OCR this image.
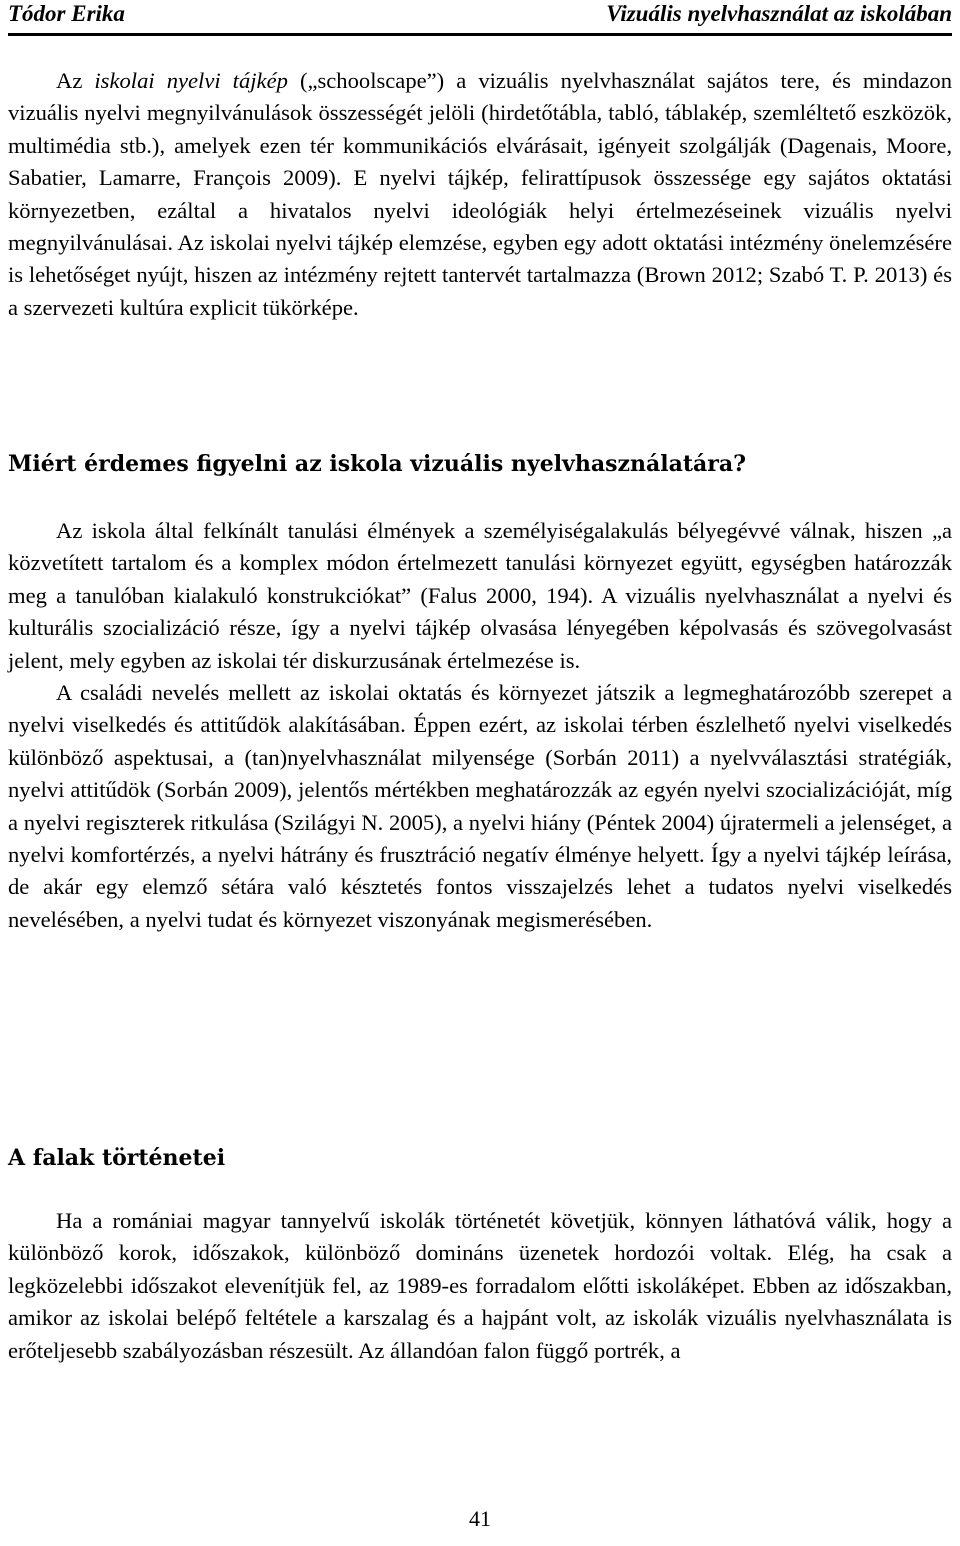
Tódor Erika	Vizuális nyelvhasználat az iskolában

Az iskolai nyelvi tájkép („schoolscape”) a vizuális nyelvhasználat sajátos tere, és mindazon vizuális nyelvi megnyilvánulások összességét jelöli (hirdetőtábla, tabló, táblakép, szemléltető eszközök, multimédia stb.), amelyek ezen tér kommunikációs elvárásait, igényeit szolgálják (Dagenais, Moore, Sabatier, Lamarre, François 2009). E nyelvi tájkép, felirattípusok összessége egy sajátos oktatási környezetben, ezáltal a hivatalos nyelvi ideológiák helyi értelmezéseinek vizuális nyelvi megnyilvánulásai. Az iskolai nyelvi tájkép elemzése, egyben egy adott oktatási intézmény önelemzésére is lehetőséget nyújt, hiszen az intézmény rejtett tantervét tartalmazza (Brown 2012; Szabó T. P. 2013) és a szervezeti kultúra explicit tükörképe.

Miért érdemes figyelni az iskola vizuális nyelvhasználatára?

Az iskola által felkínált tanulási élmények a személyiségalakulás bélyegévvé válnak, hiszen „a közvetített tartalom és a komplex módon értelmezett tanulási környezet együtt, egységben határozzák meg a tanulóban kialakuló konstrukciókat” (Falus 2000, 194). A vizuális nyelvhasználat a nyelvi és kulturális szocializáció része, így a nyelvi tájkép olvasása lényegében képolvasás és szövegolvasást jelent, mely egyben az iskolai tér diskurzusának értelmezése is.

A családi nevelés mellett az iskolai oktatás és környezet játszik a legmeghatározóbb szerepet a nyelvi viselkedés és attitűdök alakításában. Éppen ezért, az iskolai térben észlelhető nyelvi viselkedés különböző aspektusai, a (tan)nyelvhasználat milyensége (Sorbán 2011) a nyelvválasztási stratégiák, nyelvi attitűdök (Sorbán 2009), jelentős mértékben meghatározzák az egyén nyelvi szocializációját, míg a nyelvi regiszterek ritkulása (Szilágyi N. 2005), a nyelvi hiány (Péntek 2004) újratermeli a jelenséget, a nyelvi komfortérzés, a nyelvi hátrány és frusztráció negatív élménye helyett. Így a nyelvi tájkép leírása, de akár egy elemző sétára való késztetés fontos visszajelzés lehet a tudatos nyelvi viselkedés nevelésében, a nyelvi tudat és környezet viszonyának megismerésében.

A falak történetei

Ha a romániai magyar tannyelvű iskolák történetét követjük, könnyen láthatóvá válik, hogy a különböző korok, időszakok, különböző domináns üzenetek hordozói voltak. Elég, ha csak a legközelebbi időszakot elevenítjük fel, az 1989-es forradalom előtti iskoláképet. Ebben az időszakban, amikor az iskolai belépő feltétele a karszalag és a hajpánt volt, az iskolák vizuális nyelvhasználata is erőteljesebb szabályozásban részesült. Az állandóan falon függő portrék, a

41
